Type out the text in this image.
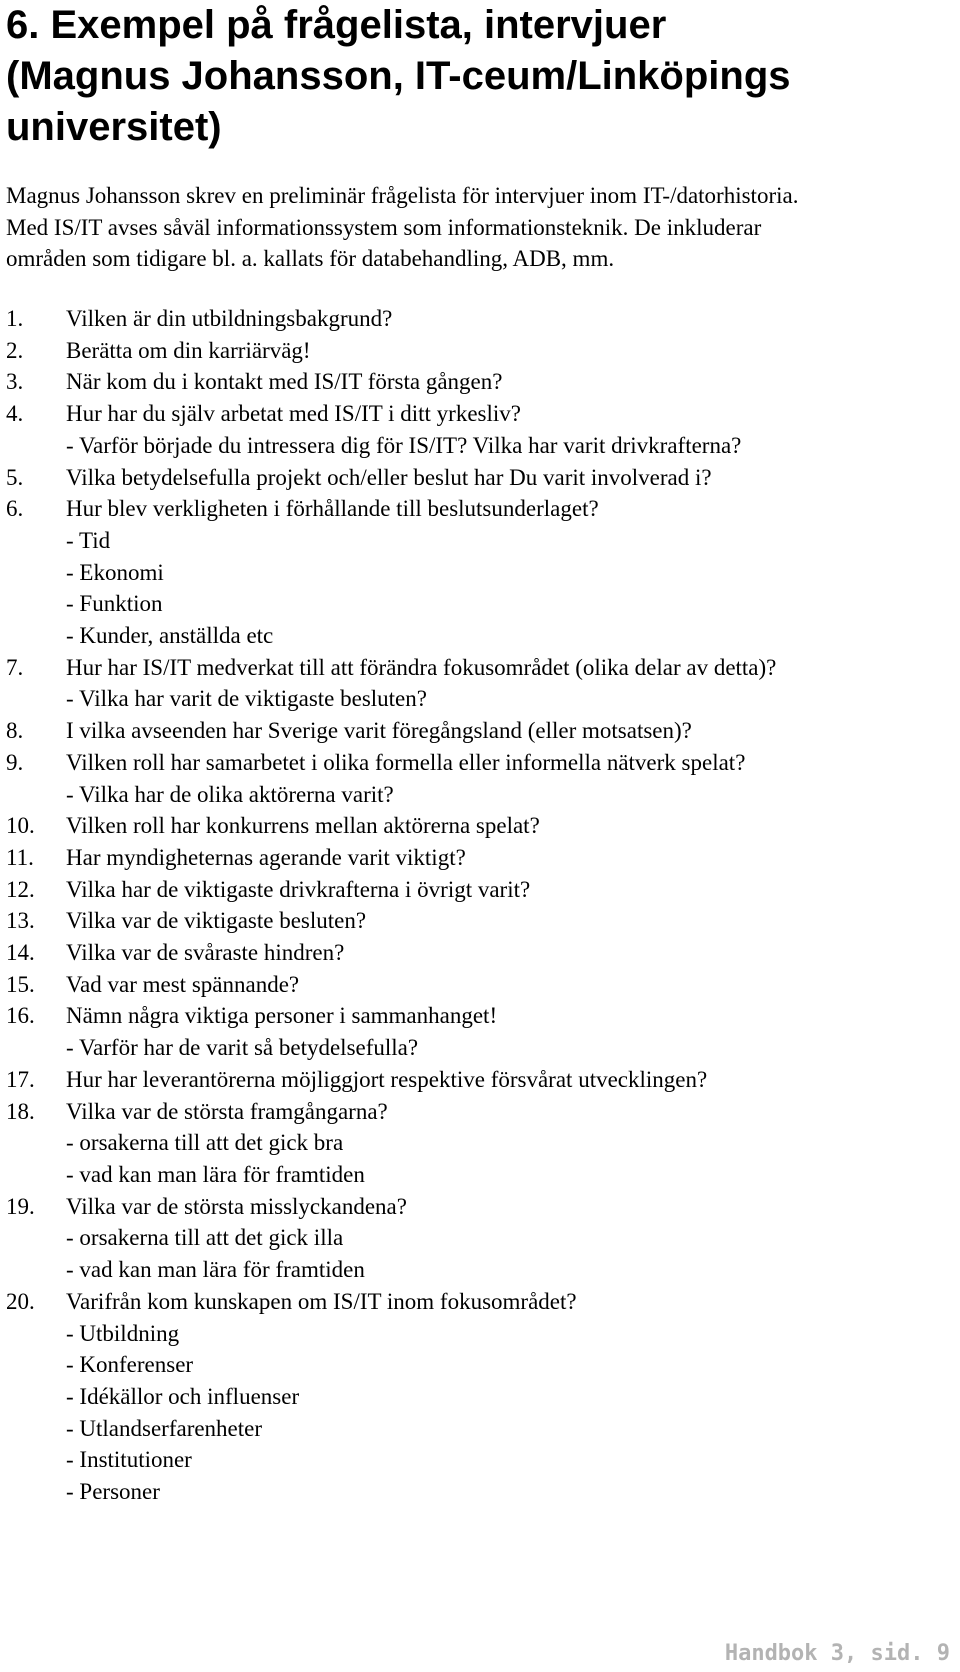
6. Exempel på frågelista, intervjuer
(Magnus Johansson, IT-ceum/Linköpings
universitet)
Magnus Johansson skrev en preliminär frågelista för intervjuer inom IT-/datorhistoria.
Med IS/IT avses såväl informationssystem som informationsteknik. De inkluderar
områden som tidigare bl. a. kallats för databehandling, ADB, mm.
1. Vilken är din utbildningsbakgrund?
2. Berätta om din karriärväg!
3. När kom du i kontakt med IS/IT första gången?
4. Hur har du själv arbetat med IS/IT i ditt yrkesliv?
- Varför började du intressera dig för IS/IT? Vilka har varit drivkrafterna?
5. Vilka betydelsefulla projekt och/eller beslut har Du varit involverad i?
6. Hur blev verkligheten i förhållande till beslutsunderlaget?
- Tid
- Ekonomi
- Funktion
- Kunder, anställda etc
7. Hur har IS/IT medverkat till att förändra fokusområdet (olika delar av detta)?
- Vilka har varit de viktigaste besluten?
8. I vilka avseenden har Sverige varit föregångsland (eller motsatsen)?
9. Vilken roll har samarbetet i olika formella eller informella nätverk spelat?
- Vilka har de olika aktörerna varit?
10. Vilken roll har konkurrens mellan aktörerna spelat?
11. Har myndigheternas agerande varit viktigt?
12. Vilka har de viktigaste drivkrafterna i övrigt varit?
13. Vilka var de viktigaste besluten?
14. Vilka var de svåraste hindren?
15. Vad var mest spännande?
16. Nämn några viktiga personer i sammanhanget!
- Varför har de varit så betydelsefulla?
17. Hur har leverantörerna möjliggjort respektive försvårat utvecklingen?
18. Vilka var de största framgångarna?
- orsakerna till att det gick bra
- vad kan man lära för framtiden
19. Vilka var de största misslyckandena?
- orsakerna till att det gick illa
- vad kan man lära för framtiden
20. Varifrån kom kunskapen om IS/IT inom fokusområdet?
- Utbildning
- Konferenser
- Idékällor och influenser
- Utlandserfarenheter
- Institutioner
- Personer
Handbok 3, sid. 9
